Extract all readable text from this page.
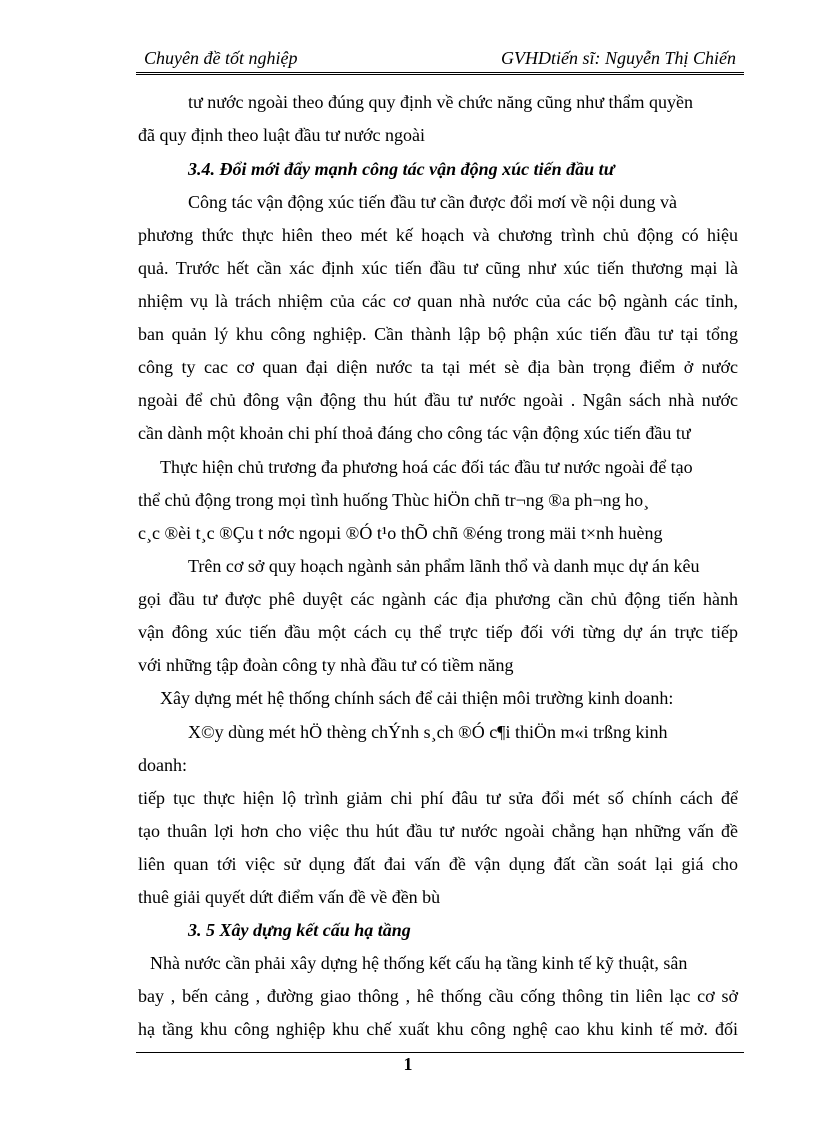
Chuyên đề tốt nghiệp	GVHDtiến sĩ: Nguyễn Thị Chiến
tư nước ngoài theo đúng quy định về chức năng cũng như thẩm quyền
đã quy định theo luật đầu tư nước ngoài
3.4. Đổi mới đẩy mạnh công tác vận động xúc tiến đầu tư
Công tác vận động xúc tiến đầu tư cần được đổi mơí về nội dung và
phương thức thực hiên theo mét kế hoạch và chương trình chủ động có hiệu
quả. Trước hết cần xác định xúc tiến đầu tư cũng như xúc tiến thương mại là
nhiệm vụ là trách nhiệm của các cơ quan nhà nước của các bộ ngành các tỉnh,
ban quản lý khu công nghiệp. Cần thành lập bộ phận xúc tiến đầu tư tại tổng
công ty cac cơ quan đại diện nước ta tại mét sè địa bàn trọng điểm ở nước
ngoài để chủ đông vận động thu hút đầu tư nước ngoài . Ngân sách nhà nước
cần dành một khoản chi phí thoả đáng cho công tác vận động xúc tiến đầu tư
Thực hiện chủ trương đa phương hoá các đối tác đầu tư nước ngoài để tạo
thể chủ động trong mọi tình huống Thùc hiÖn chñ tr¬ng ®a ph¬ng ho¸
c¸c ®èi t¸c ®Çu t nớc ngoµi ®Ó t¹o thÕ chñ ®éng trong mäi t×nh huèng
Trên cơ sở quy hoạch ngành sản phẩm lãnh thổ và danh mục dự án kêu
gọi đầu tư được phê duyệt các ngành các địa phương cần chủ động tiến hành
vận đông xúc tiến đầu một cách cụ thể trực tiếp đối với từng dự án trực tiếp
với những tập đoàn công ty nhà đầu tư có tiềm năng
Xây dựng mét hệ thống chính sách để cải thiện môi trường kinh doanh:
X©y dùng mét hÖ thèng chÝnh s¸ch ®Ó c¶i thiÖn m«i trßng kinh
doanh:
tiếp tục thực hiện lộ trình giảm chi phí đâu tư sửa đổi mét số chính cách để
tạo thuân lợi hơn cho việc thu hút đầu tư nước ngoài chẳng hạn những vấn đề
liên quan tới việc sử dụng đất đai vấn đề vận dụng đất cần soát lại giá cho
thuê giải quyết dứt điểm vấn đề về đền bù
3. 5 Xây dựng kết cấu hạ tầng
Nhà nước cần phải xây dựng hệ thống kết cấu hạ tầng kinh tế kỹ thuật, sân
bay , bến cảng , đường giao thông , hê thống cầu cống thông tin liên lạc cơ sở
hạ tầng khu công nghiệp khu chế xuất khu công nghệ cao khu kinh tế mở. đối
1
